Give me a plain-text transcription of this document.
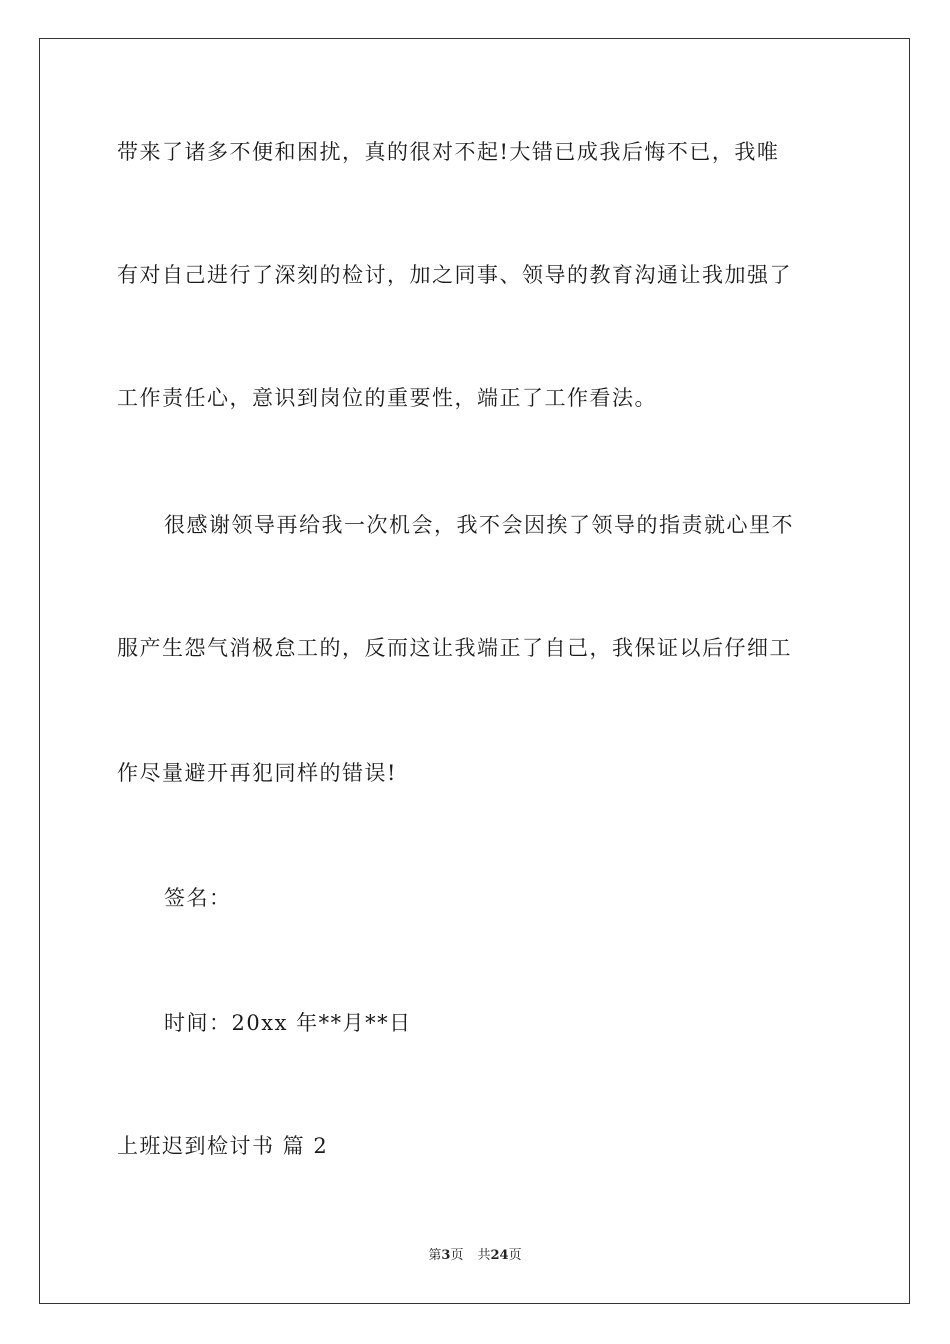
带来了诸多不便和困扰，真的很对不起!大错已成我后悔不已，我唯
有对自己进行了深刻的检讨，加之同事、领导的教育沟通让我加强了
工作责任心，意识到岗位的重要性，端正了工作看法。
很感谢领导再给我一次机会，我不会因挨了领导的指责就心里不
服产生怨气消极怠工的，反而这让我端正了自己，我保证以后仔细工
作尽量避开再犯同样的错误!
签名：
时间：20xx 年**月**日
上班迟到检讨书 篇 2
第3页 共24页
